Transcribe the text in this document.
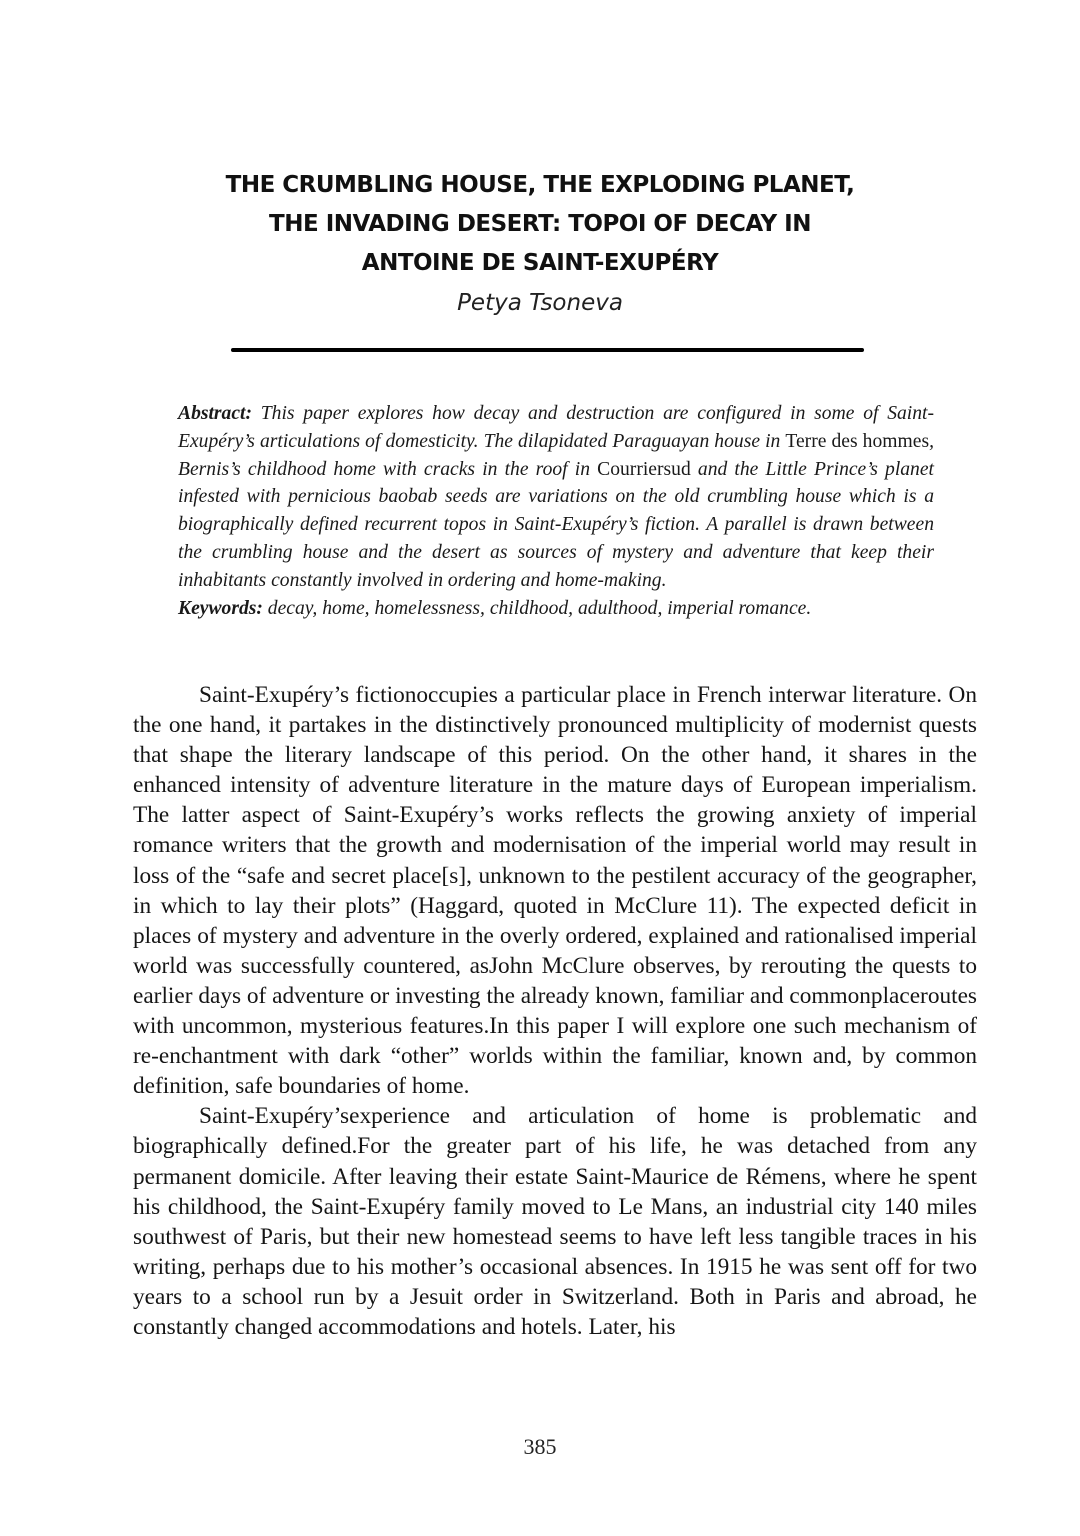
THE CRUMBLING HOUSE, THE EXPLODING PLANET,
THE INVADING DESERT: TOPOI OF DECAY IN
ANTOINE DE SAINT-EXUPÉRY
Petya Tsoneva

Abstract: This paper explores how decay and destruction are configured in some of Saint-Exupéry’s articulations of domesticity. The dilapidated Paraguayan house in Terre des hommes, Bernis’s childhood home with cracks in the roof in Courriersud and the Little Prince’s planet infested with pernicious baobab seeds are variations on the old crumbling house which is a biographically defined recurrent topos in Saint-Exupéry’s fiction. A parallel is drawn between the crumbling house and the desert as sources of mystery and adventure that keep their inhabitants constantly involved in ordering and home-making.

Keywords: decay, home, homelessness, childhood, adulthood, imperial romance.

Saint-Exupéry’s fictionoccupies a particular place in French interwar literature. On the one hand, it partakes in the distinctively pronounced multiplicity of modernist quests that shape the literary landscape of this period. On the other hand, it shares in the enhanced intensity of adventure literature in the mature days of European imperialism. The latter aspect of Saint-Exupéry’s works reflects the growing anxiety of imperial romance writers that the growth and modernisation of the imperial world may result in loss of the “safe and secret place[s], unknown to the pestilent accuracy of the geographer, in which to lay their plots” (Haggard, quoted in McClure 11). The expected deficit in places of mystery and adventure in the overly ordered, explained and rationalised imperial world was successfully countered, asJohn McClure observes, by rerouting the quests to earlier days of adventure or investing the already known, familiar and commonplaceroutes with uncommon, mysterious features.In this paper I will explore one such mechanism of re-enchantment with dark “other” worlds within the familiar, known and, by common definition, safe boundaries of home.

Saint-Exupéry’sexperience and articulation of home is problematic and biographically defined.For the greater part of his life, he was detached from any permanent domicile. After leaving their estate Saint-Maurice de Rémens, where he spent his childhood, the Saint-Exupéry family moved to Le Mans, an industrial city 140 miles southwest of Paris, but their new homestead seems to have left less tangible traces in his writing, perhaps due to his mother’s occasional absences. In 1915 he was sent off for two years to a school run by a Jesuit order in Switzerland. Both in Paris and abroad, he constantly changed accommodations and hotels. Later, his

385
